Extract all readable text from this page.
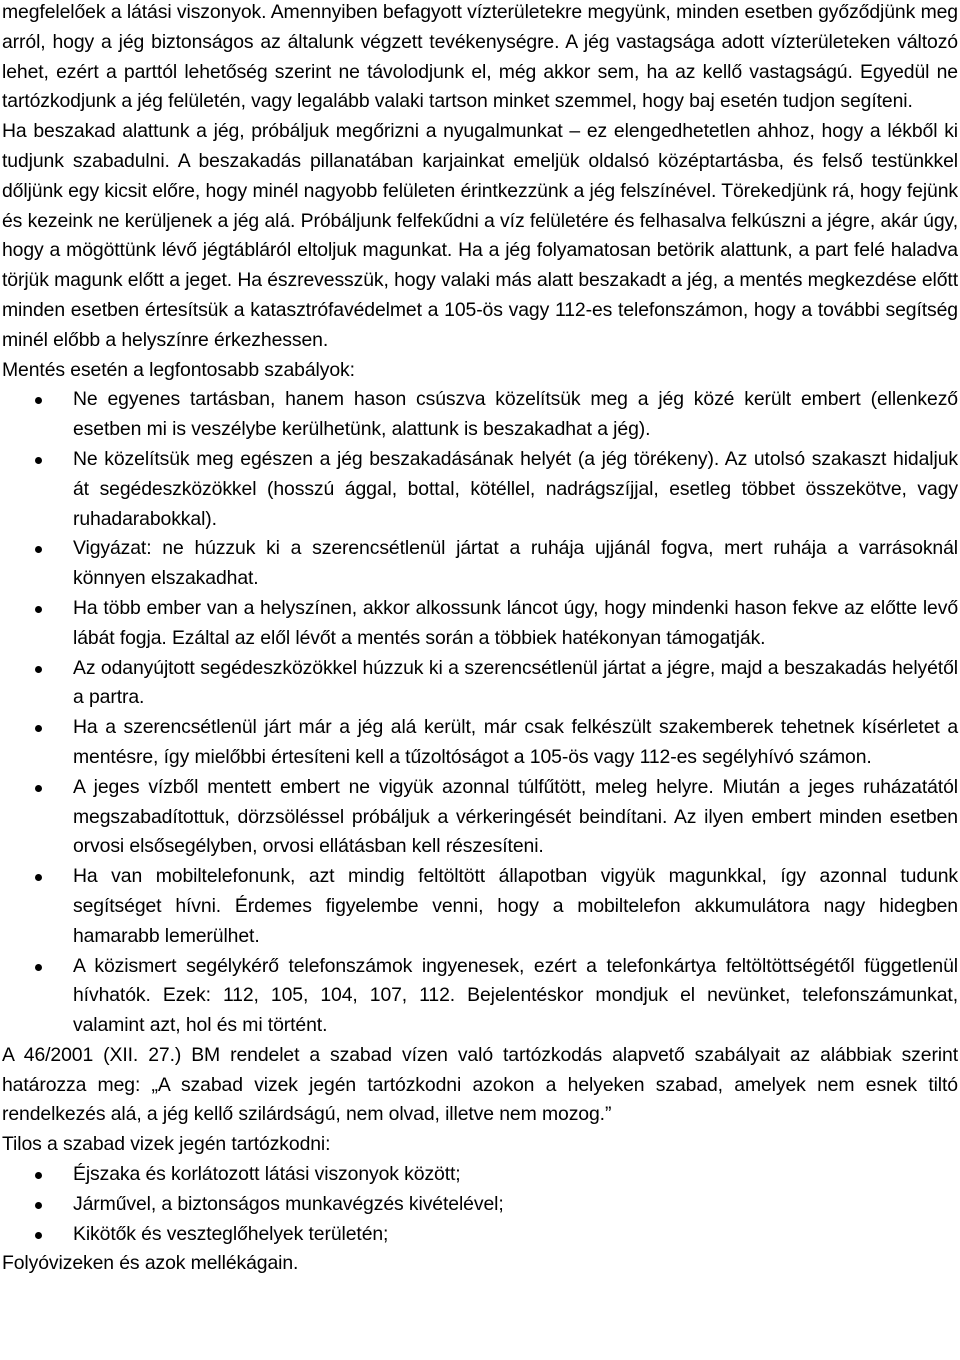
megfelelőek a látási viszonyok. Amennyiben befagyott vízterületekre megyünk, minden esetben győződjünk meg arról, hogy a jég biztonságos az általunk végzett tevékenységre. A jég vastagsága adott vízterületeken változó lehet, ezért a parttól lehetőség szerint ne távolodjunk el, még akkor sem, ha az kellő vastagságú. Egyedül ne tartózkodjunk a jég felületén, vagy legalább valaki tartson minket szemmel, hogy baj esetén tudjon segíteni.

Ha beszakad alattunk a jég, próbáljuk megőrizni a nyugalmunkat – ez elengedhetetlen ahhoz, hogy a lékből ki tudjunk szabadulni. A beszakadás pillanatában karjainkat emeljük oldalsó középtartásba, és felső testünkkel dőljünk egy kicsit előre, hogy minél nagyobb felületen érintkezzünk a jég felszínével. Törekedjünk rá, hogy fejünk és kezeink ne kerüljenek a jég alá. Próbáljunk felfekűdni a víz felületére és felhasalva felkúszni a jégre, akár úgy, hogy a mögöttünk lévő jégtábláról eltoljuk magunkat. Ha a jég folyamatosan betörik alattunk, a part felé haladva törjük magunk előtt a jeget. Ha észrevesszük, hogy valaki más alatt beszakadt a jég, a mentés megkezdése előtt minden esetben értesítsük a katasztrófavédelmet a 105-ös vagy 112-es telefonszámon, hogy a további segítség minél előbb a helyszínre érkezhessen.

Mentés esetén a legfontosabb szabályok:

Ne egyenes tartásban, hanem hason csúszva közelítsük meg a jég közé került embert (ellenkező esetben mi is veszélybe kerülhetünk, alattunk is beszakadhat a jég).
Ne közelítsük meg egészen a jég beszakadásának helyét (a jég törékeny). Az utolsó szakaszt hidaljuk át segédeszközökkel (hosszú ággal, bottal, kötéllel, nadrágszíjjal, esetleg többet összekötve, vagy ruhadarabokkal).
Vigyázat: ne húzzuk ki a szerencsétlenül jártat a ruhája ujjánál fogva, mert ruhája a varrásoknál könnyen elszakadhat.
Ha több ember van a helyszínen, akkor alkossunk láncot úgy, hogy mindenki hason fekve az előtte levő lábát fogja. Ezáltal az elől lévőt a mentés során a többiek hatékonyan támogatják.
Az odanyújtott segédeszközökkel húzzuk ki a szerencsétlenül jártat a jégre, majd a beszakadás helyétől a partra.
Ha a szerencsétlenül járt már a jég alá került, már csak felkészült szakemberek tehetnek kísérletet a mentésre, így mielőbbi értesíteni kell a tűzoltóságot a 105-ös vagy 112-es segélyhívó számon.
A jeges vízből mentett embert ne vigyük azonnal túlfűtött, meleg helyre. Miután a jeges ruházatától megszabadítottuk, dörzsöléssel próbáljuk a vérkeringését beindítani. Az ilyen embert minden esetben orvosi elsősegélyben, orvosi ellátásban kell részesíteni.
Ha van mobiltelefonunk, azt mindig feltöltött állapotban vigyük magunkkal, így azonnal tudunk segítséget hívni. Érdemes figyelembe venni, hogy a mobiltelefon akkumulátora nagy hidegben hamarabb lemerülhet.
A közismert segélykérő telefonszámok ingyenesek, ezért a telefonkártya feltöltöttségétől függetlenül hívhatók. Ezek: 112, 105, 104, 107, 112. Bejelentéskor mondjuk el nevünket, telefonszámunkat, valamint azt, hol és mi történt.

A 46/2001 (XII. 27.) BM rendelet a szabad vízen való tartózkodás alapvető szabályait az alábbiak szerint határozza meg: „A szabad vizek jegén tartózkodni azokon a helyeken szabad, amelyek nem esnek tiltó rendelkezés alá, a jég kellő szilárdságú, nem olvad, illetve nem mozog.”

Tilos a szabad vizek jegén tartózkodni:

Éjszaka és korlátozott látási viszonyok között;
Járművel, a biztonságos munkavégzés kivételével;
Kikötők és veszteglőhelyek területén;

Folyóvizeken és azok mellékágain.
